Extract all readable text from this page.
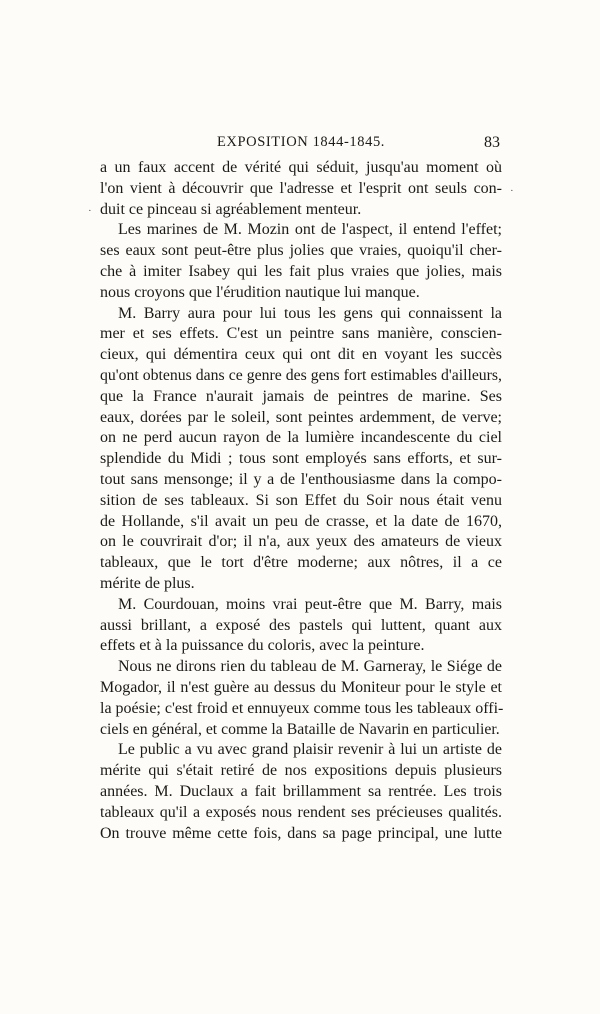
EXPOSITION 1844-1845.	83
·
·
a un faux accent de vérité qui séduit, jusqu'au moment où
l'on vient à découvrir que l'adresse et l'esprit ont seuls con-
duit ce pinceau si agréablement menteur.
Les marines de M. Mozin ont de l'aspect, il entend l'effet;
ses eaux sont peut-être plus jolies que vraies, quoiqu'il cher-
che à imiter Isabey qui les fait plus vraies que jolies, mais
nous croyons que l'érudition nautique lui manque.
M. Barry aura pour lui tous les gens qui connaissent la
mer et ses effets. C'est un peintre sans manière, conscien-
cieux, qui démentira ceux qui ont dit en voyant les succès
qu'ont obtenus dans ce genre des gens fort estimables d'ailleurs,
que la France n'aurait jamais de peintres de marine. Ses
eaux, dorées par le soleil, sont peintes ardemment, de verve;
on ne perd aucun rayon de la lumière incandescente du ciel
splendide du Midi ; tous sont employés sans efforts, et sur-
tout sans mensonge; il y a de l'enthousiasme dans la compo-
sition de ses tableaux. Si son Effet du Soir nous était venu
de Hollande, s'il avait un peu de crasse, et la date de 1670,
on le couvrirait d'or; il n'a, aux yeux des amateurs de vieux
tableaux, que le tort d'être moderne; aux nôtres, il a ce
mérite de plus.
M. Courdouan, moins vrai peut-être que M. Barry, mais
aussi brillant, a exposé des pastels qui luttent, quant aux
effets et à la puissance du coloris, avec la peinture.
Nous ne dirons rien du tableau de M. Garneray, le Siége de
Mogador, il n'est guère au dessus du Moniteur pour le style et
la poésie; c'est froid et ennuyeux comme tous les tableaux offi-
ciels en général, et comme la Bataille de Navarin en particulier.
Le public a vu avec grand plaisir revenir à lui un artiste de
mérite qui s'était retiré de nos expositions depuis plusieurs
années. M. Duclaux a fait brillamment sa rentrée. Les trois
tableaux qu'il a exposés nous rendent ses précieuses qualités.
On trouve même cette fois, dans sa page principal, une lutte
